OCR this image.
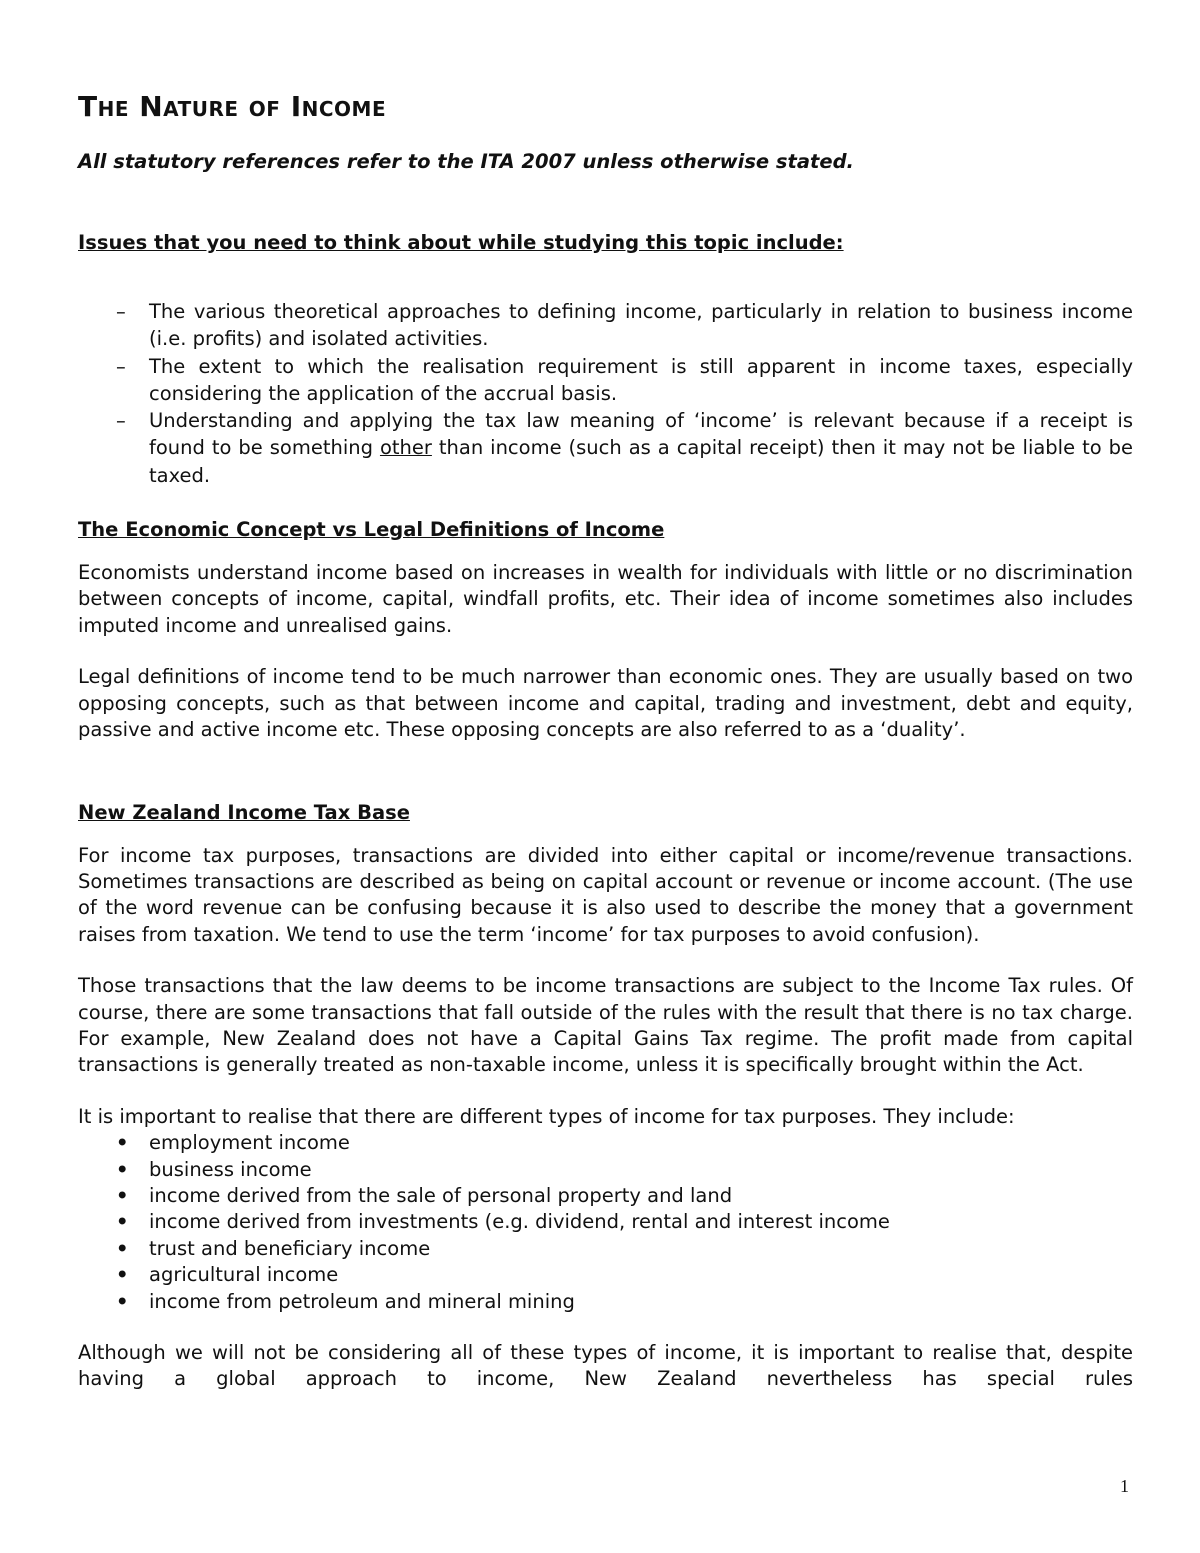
The Nature of Income

All statutory references refer to the ITA 2007 unless otherwise stated.

Issues that you need to think about while studying this topic include:

– The various theoretical approaches to defining income, particularly in relation to business income (i.e. profits) and isolated activities.
– The extent to which the realisation requirement is still apparent in income taxes, especially considering the application of the accrual basis.
– Understanding and applying the tax law meaning of ‘income’ is relevant because if a receipt is found to be something other than income (such as a capital receipt) then it may not be liable to be taxed.

The Economic Concept vs Legal Definitions of Income

Economists understand income based on increases in wealth for individuals with little or no discrimination between concepts of income, capital, windfall profits, etc. Their idea of income sometimes also includes imputed income and unrealised gains.

Legal definitions of income tend to be much narrower than economic ones. They are usually based on two opposing concepts, such as that between income and capital, trading and investment, debt and equity, passive and active income etc. These opposing concepts are also referred to as a ‘duality’.

New Zealand Income Tax Base

For income tax purposes, transactions are divided into either capital or income/revenue transactions. Sometimes transactions are described as being on capital account or revenue or income account. (The use of the word revenue can be confusing because it is also used to describe the money that a government raises from taxation. We tend to use the term ‘income’ for tax purposes to avoid confusion).

Those transactions that the law deems to be income transactions are subject to the Income Tax rules. Of course, there are some transactions that fall outside of the rules with the result that there is no tax charge. For example, New Zealand does not have a Capital Gains Tax regime. The profit made from capital transactions is generally treated as non-taxable income, unless it is specifically brought within the Act.

It is important to realise that there are different types of income for tax purposes. They include:

• employment income
• business income
• income derived from the sale of personal property and land
• income derived from investments (e.g. dividend, rental and interest income
• trust and beneficiary income
• agricultural income
• income from petroleum and mineral mining

Although we will not be considering all of these types of income, it is important to realise that, despite having a global approach to income, New Zealand nevertheless has special rules

1
